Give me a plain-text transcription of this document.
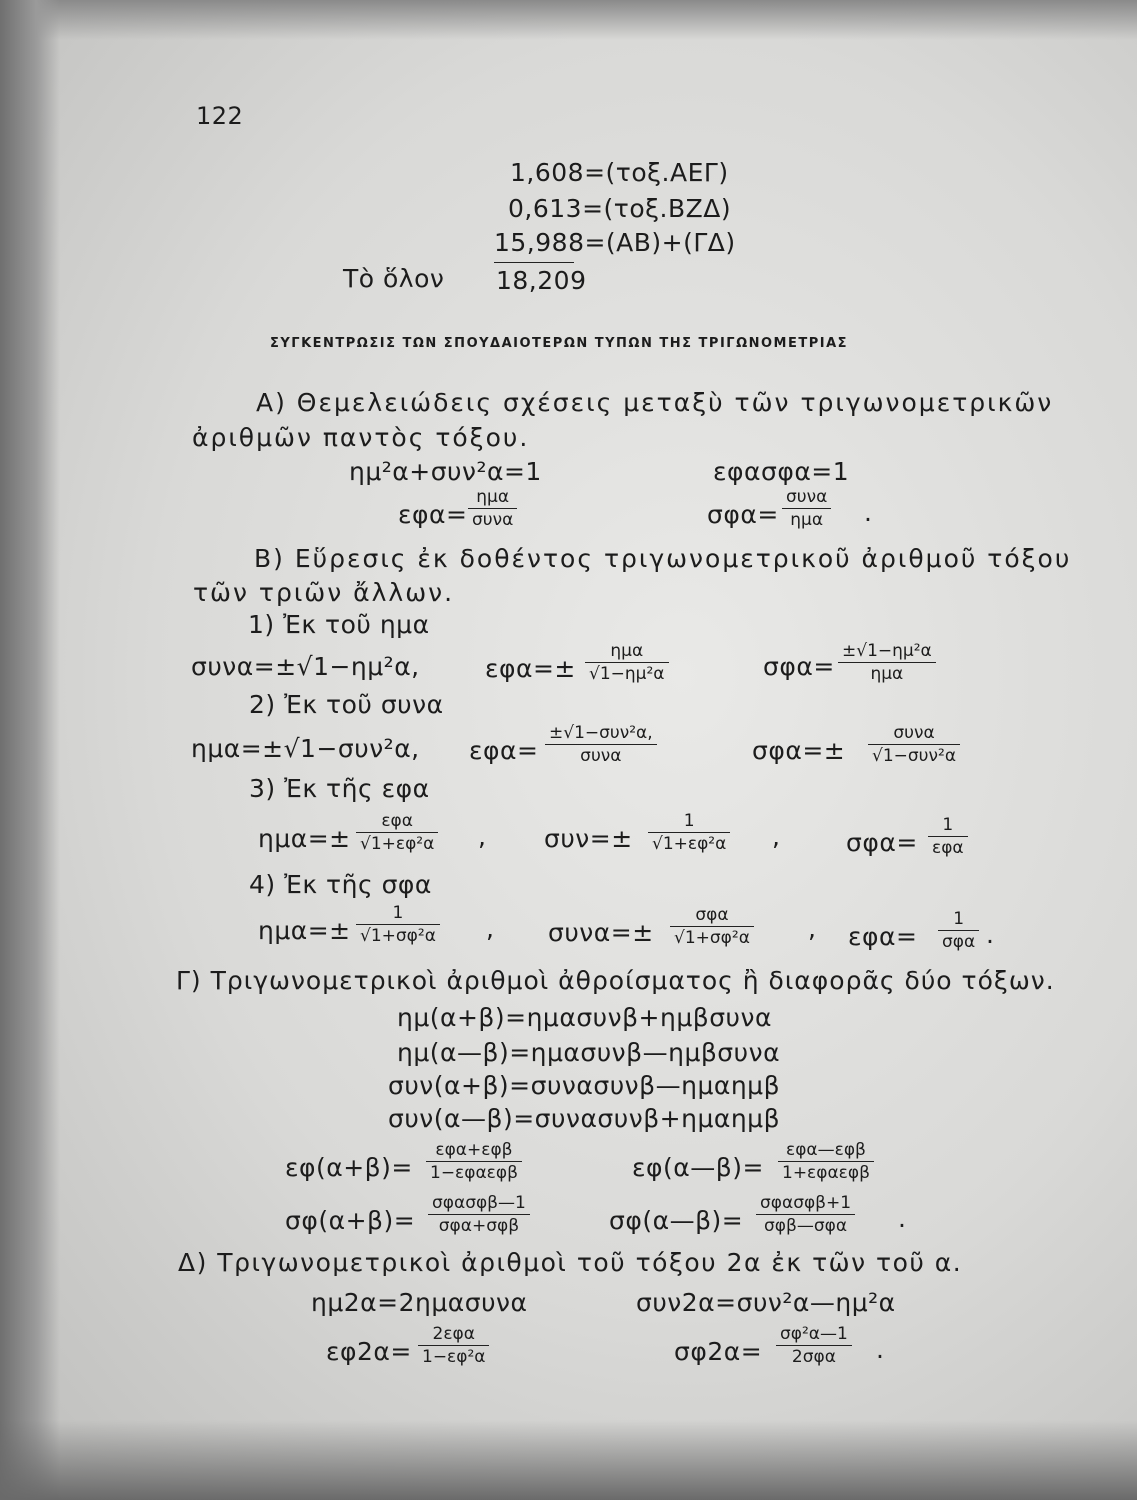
122
1,608=(τοξ.ΑΕΓ)
0,613=(τοξ.ΒΖΔ)
15,988=(ΑΒ)+(ΓΔ)
Τὸ ὅλον 18,209
ΣΥΓΚΕΝΤΡΩΣΙΣ ΤΩΝ ΣΠΟΥΔΑΙΟΤΕΡΩΝ ΤΥΠΩΝ ΤΗΣ ΤΡΙΓΩΝΟΜΕΤΡΙΑΣ
Α) Θεμελειώδεις σχέσεις μεταξὺ τῶν τριγωνομετρικῶν
ἀριθμῶν παντὸς τόξου.
ημ²α+συν²α=1	εφασφα=1
εφα=
ημα
συνα	σφα=
συνα
ημα	.
Β) Εὕρεσις ἐκ δοθέντος τριγωνομετρικοῦ ἀριθμοῦ τόξου
τῶν τριῶν ἄλλων.
1) Ἐκ τοῦ ημα
συνα=±√1−ημ²α,	εφα=±
ημα
√1−ημ²α	σφα=
±√1−ημ²α
ημα
2) Ἐκ τοῦ συνα
ημα=±√1−συν²α, εφα=
±√1−συν²α,
συνα	σφα=±
συνα
√1−συν²α
3) Ἐκ τῆς εφα
ημα=±
εφα
√1+εφ²α , $\sigma\upsilon\nu=\pm \frac{1}{\text{√1+εφ²α}}$ ,	σφα=
1
εφα
4) Ἐκ τῆς σφα
$\eta\mu\alpha=\pm \frac{1}{\text{√1+σφ²α}}$ , συνα=±
σφα
√1+σφ²α , εφα=
1
σφα .
Γ) Τριγωνομετρικοὶ ἀριθμοὶ ἀθροίσματος ἢ διαφορᾶς δύο τόξων.
ημ(α+β)=ημασυνβ+ημβσυνα
ημ(α—β)=ημασυνβ—ημβσυνα
συν(α+β)=συνασυνβ—ημαημβ
συν(α—β)=συνασυνβ+ημαημβ
εφ(α+β)=
εφα+εφβ
1−εφαεφβ	εφ(α—β)=
εφα—εφβ
1+εφαεφβ
σφ(α+β)=
σφασφβ—1
σφα+σφβ	σφ(α—β)=
σφασφβ+1
σφβ—σφα	.
Δ) Τριγωνομετρικοὶ ἀριθμοὶ τοῦ τόξου 2α ἐκ τῶν τοῦ α.
ημ2α=2ημασυνα	συν2α=συν²α—ημ²α
εφ2α=
2εφα
1−εφ²α	σφ2α=
σφ²α—1
2σφα	.
